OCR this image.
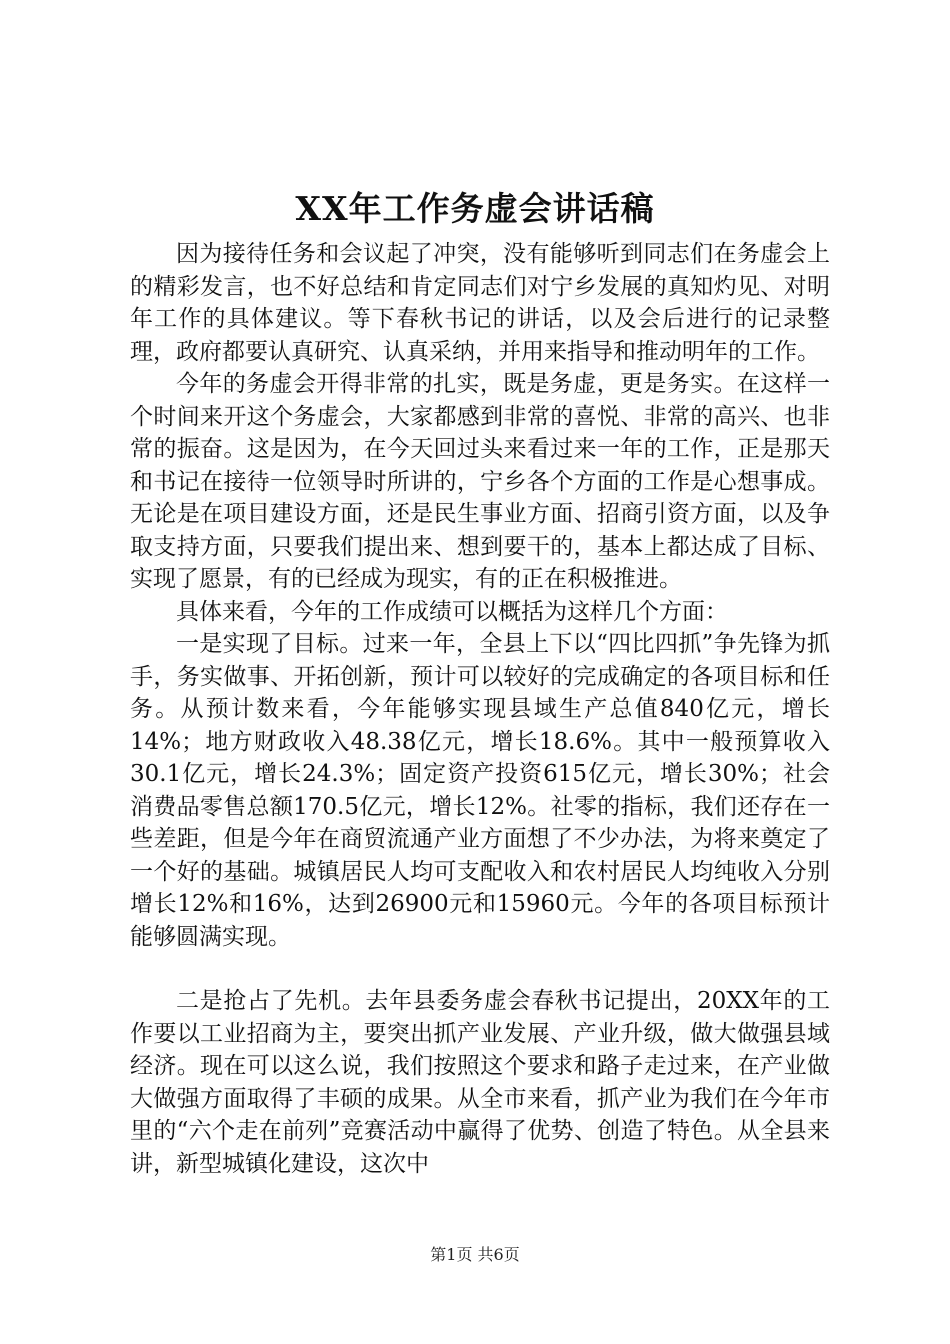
XX年工作务虚会讲话稿

因为接待任务和会议起了冲突，没有能够听到同志们在务虚会上的精彩发言，也不好总结和肯定同志们对宁乡发展的真知灼见、对明年工作的具体建议。等下春秋书记的讲话，以及会后进行的记录整理，政府都要认真研究、认真采纳，并用来指导和推动明年的工作。

今年的务虚会开得非常的扎实，既是务虚，更是务实。在这样一个时间来开这个务虚会，大家都感到非常的喜悦、非常的高兴、也非常的振奋。这是因为，在今天回过头来看过来一年的工作，正是那天和书记在接待一位领导时所讲的，宁乡各个方面的工作是心想事成。无论是在项目建设方面，还是民生事业方面、招商引资方面，以及争取支持方面，只要我们提出来、想到要干的，基本上都达成了目标、实现了愿景，有的已经成为现实，有的正在积极推进。

具体来看，今年的工作成绩可以概括为这样几个方面：

一是实现了目标。过来一年，全县上下以“四比四抓”争先锋为抓手，务实做事、开拓创新，预计可以较好的完成确定的各项目标和任务。从预计数来看，今年能够实现县域生产总值840亿元，增长14%；地方财政收入48.38亿元，增长18.6%。其中一般预算收入30.1亿元，增长24.3%；固定资产投资615亿元，增长30%；社会消费品零售总额170.5亿元，增长12%。社零的指标，我们还存在一些差距，但是今年在商贸流通产业方面想了不少办法，为将来奠定了一个好的基础。城镇居民人均可支配收入和农村居民人均纯收入分别增长12%和16%，达到26900元和15960元。今年的各项目标预计能够圆满实现。

二是抢占了先机。去年县委务虚会春秋书记提出，20XX年的工作要以工业招商为主，要突出抓产业发展、产业升级，做大做强县域经济。现在可以这么说，我们按照这个要求和路子走过来，在产业做大做强方面取得了丰硕的成果。从全市来看，抓产业为我们在今年市里的“六个走在前列”竞赛活动中赢得了优势、创造了特色。从全县来讲，新型城镇化建设，这次中

第1页 共6页
